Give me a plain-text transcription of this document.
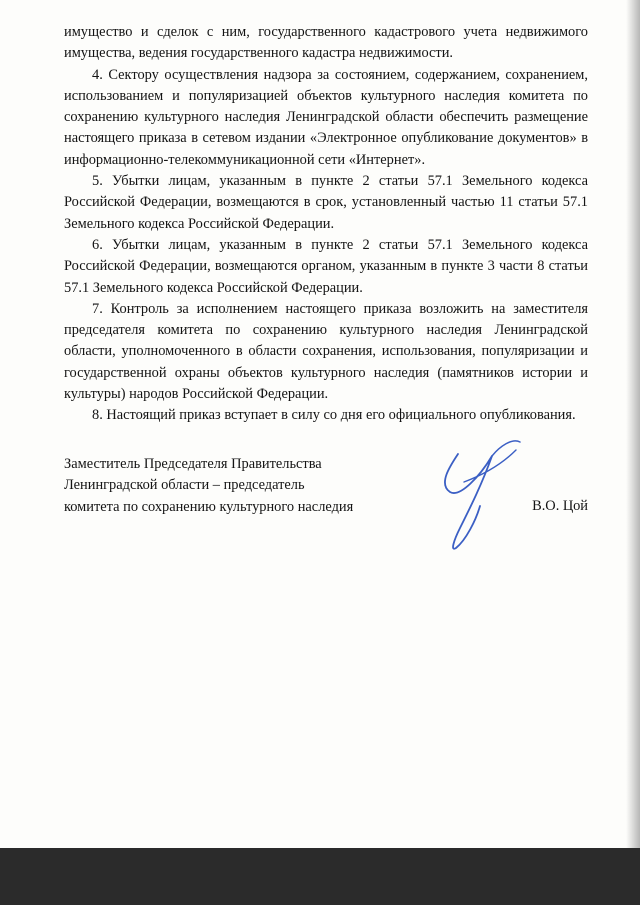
имущество и сделок с ним, государственного кадастрового учета недвижимого имущества, ведения государственного кадастра недвижимости.

4. Сектору осуществления надзора за состоянием, содержанием, сохранением, использованием и популяризацией объектов культурного наследия комитета по сохранению культурного наследия Ленинградской области обеспечить размещение настоящего приказа в сетевом издании «Электронное опубликование документов» в информационно-телекоммуникационной сети «Интернет».

5. Убытки лицам, указанным в пункте 2 статьи 57.1 Земельного кодекса Российской Федерации, возмещаются в срок, установленный частью 11 статьи 57.1 Земельного кодекса Российской Федерации.

6. Убытки лицам, указанным в пункте 2 статьи 57.1 Земельного кодекса Российской Федерации, возмещаются органом, указанным в пункте 3 части 8 статьи 57.1 Земельного кодекса Российской Федерации.

7. Контроль за исполнением настоящего приказа возложить на заместителя председателя комитета по сохранению культурного наследия Ленинградской области, уполномоченного в области сохранения, использования, популяризации и государственной охраны объектов культурного наследия (памятников истории и культуры) народов Российской Федерации.

8. Настоящий приказ вступает в силу со дня его официального опубликования.

Заместитель Председателя Правительства
Ленинградской области – председатель
комитета по сохранению культурного наследия	В.О. Цой
